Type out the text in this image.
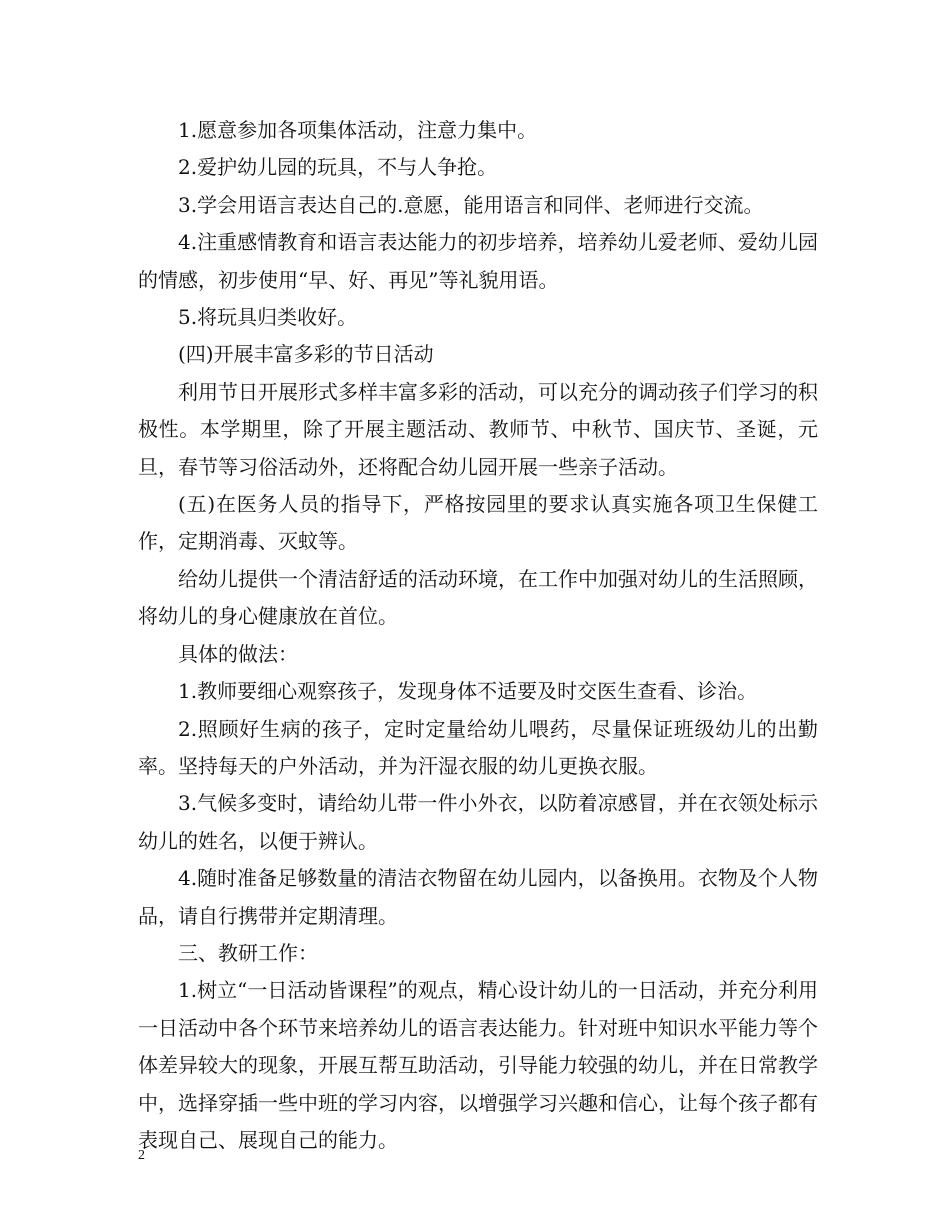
1.愿意参加各项集体活动，注意力集中。

2.爱护幼儿园的玩具，不与人争抢。

3.学会用语言表达自己的.意愿，能用语言和同伴、老师进行交流。

4.注重感情教育和语言表达能力的初步培养，培养幼儿爱老师、爱幼儿园的情感，初步使用“早、好、再见”等礼貌用语。

5.将玩具归类收好。

(四)开展丰富多彩的节日活动

利用节日开展形式多样丰富多彩的活动，可以充分的调动孩子们学习的积极性。本学期里，除了开展主题活动、教师节、中秋节、国庆节、圣诞，元旦，春节等习俗活动外，还将配合幼儿园开展一些亲子活动。

(五)在医务人员的指导下，严格按园里的要求认真实施各项卫生保健工作，定期消毒、灭蚊等。

给幼儿提供一个清洁舒适的活动环境，在工作中加强对幼儿的生活照顾，将幼儿的身心健康放在首位。

具体的做法：

1.教师要细心观察孩子，发现身体不适要及时交医生查看、诊治。

2.照顾好生病的孩子，定时定量给幼儿喂药，尽量保证班级幼儿的出勤率。坚持每天的户外活动，并为汗湿衣服的幼儿更换衣服。

3.气候多变时，请给幼儿带一件小外衣，以防着凉感冒，并在衣领处标示幼儿的姓名，以便于辨认。

4.随时准备足够数量的清洁衣物留在幼儿园内，以备换用。衣物及个人物品，请自行携带并定期清理。

三、教研工作：

1.树立“一日活动皆课程”的观点，精心设计幼儿的一日活动，并充分利用一日活动中各个环节来培养幼儿的语言表达能力。针对班中知识水平能力等个体差异较大的现象，开展互帮互助活动，引导能力较强的幼儿，并在日常教学中，选择穿插一些中班的学习内容，以增强学习兴趣和信心，让每个孩子都有表现自己、展现自己的能力。

2
